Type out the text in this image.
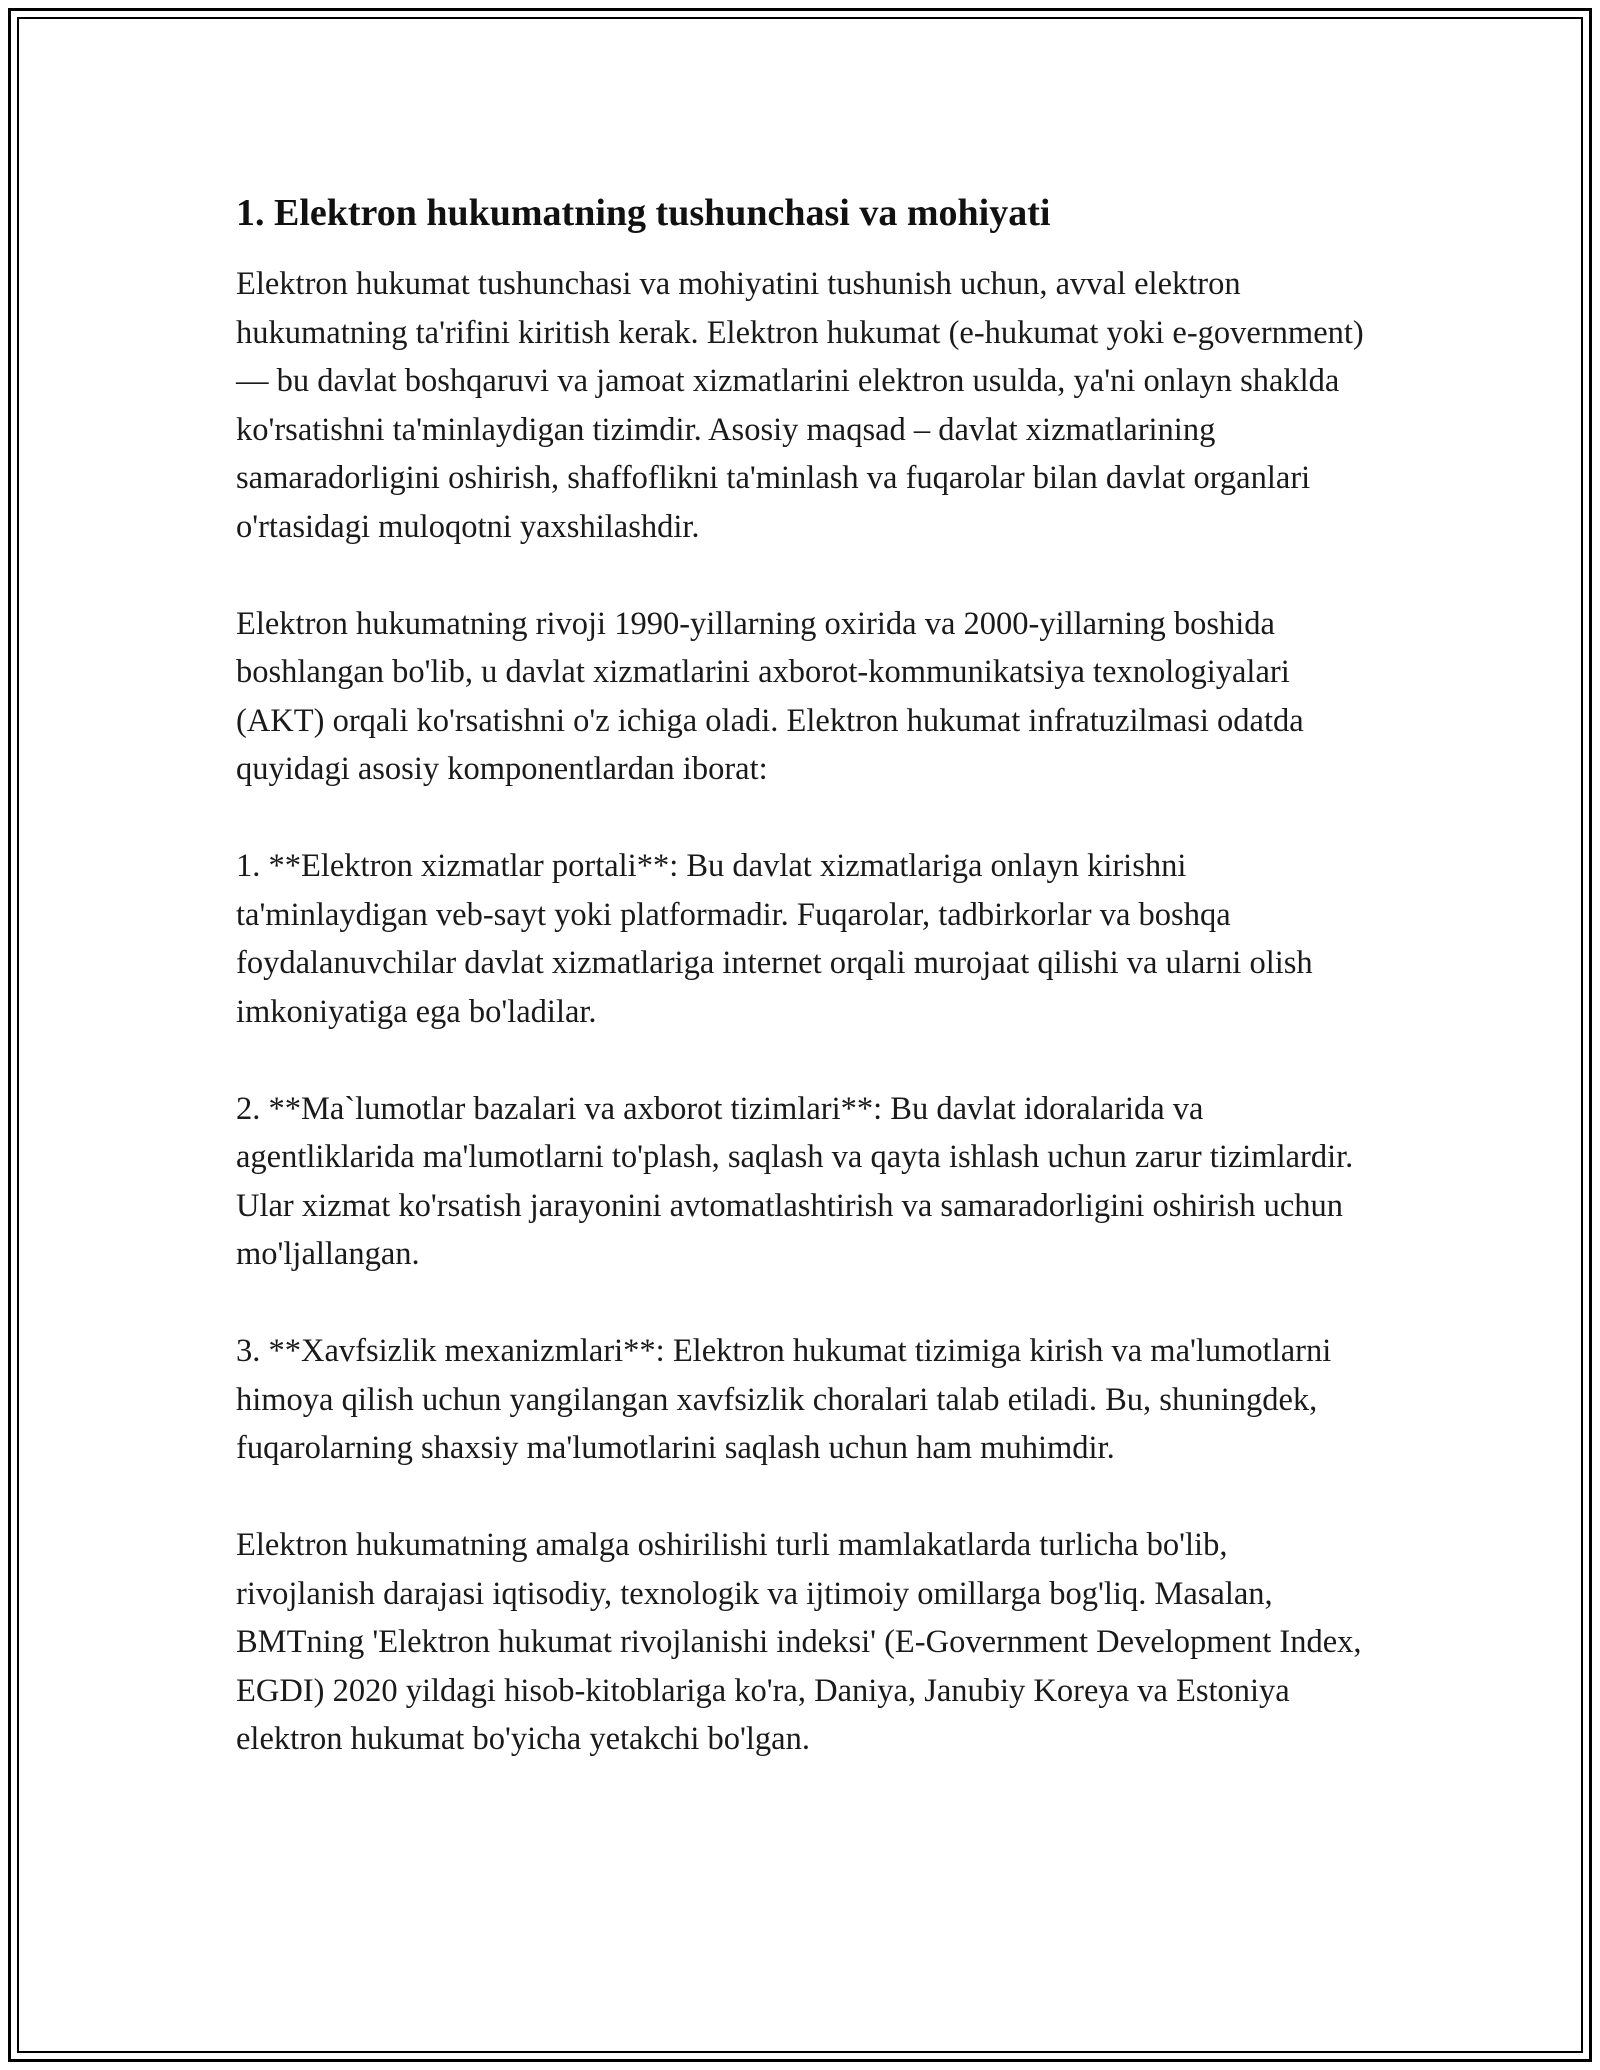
1. Elektron hukumatning tushunchasi va mohiyati

Elektron hukumat tushunchasi va mohiyatini tushunish uchun, avval elektron hukumatning ta'rifini kiritish kerak. Elektron hukumat (e-hukumat yoki e-government) — bu davlat boshqaruvi va jamoat xizmatlarini elektron usulda, ya'ni onlayn shaklda ko'rsatishni ta'minlaydigan tizimdir. Asosiy maqsad – davlat xizmatlarining samaradorligini oshirish, shaffoflikni ta'minlash va fuqarolar bilan davlat organlari o'rtasidagi muloqotni yaxshilashdir.

Elektron hukumatning rivoji 1990-yillarning oxirida va 2000-yillarning boshida boshlangan bo'lib, u davlat xizmatlarini axborot-kommunikatsiya texnologiyalari (AKT) orqali ko'rsatishni o'z ichiga oladi. Elektron hukumat infratuzilmasi odatda quyidagi asosiy komponentlardan iborat:

1. **Elektron xizmatlar portali**: Bu davlat xizmatlariga onlayn kirishni ta'minlaydigan veb-sayt yoki platformadir. Fuqarolar, tadbirkorlar va boshqa foydalanuvchilar davlat xizmatlariga internet orqali murojaat qilishi va ularni olish imkoniyatiga ega bo'ladilar.

2. **Ma`lumotlar bazalari va axborot tizimlari**: Bu davlat idoralarida va agentliklarida ma'lumotlarni to'plash, saqlash va qayta ishlash uchun zarur tizimlardir. Ular xizmat ko'rsatish jarayonini avtomatlashtirish va samaradorligini oshirish uchun mo'ljallangan.

3. **Xavfsizlik mexanizmlari**: Elektron hukumat tizimiga kirish va ma'lumotlarni himoya qilish uchun yangilangan xavfsizlik choralari talab etiladi. Bu, shuningdek, fuqarolarning shaxsiy ma'lumotlarini saqlash uchun ham muhimdir.

Elektron hukumatning amalga oshirilishi turli mamlakatlarda turlicha bo'lib, rivojlanish darajasi iqtisodiy, texnologik va ijtimoiy omillarga bog'liq. Masalan, BMTning 'Elektron hukumat rivojlanishi indeksi' (E-Government Development Index, EGDI) 2020 yildagi hisob-kitoblariga ko'ra, Daniya, Janubiy Koreya va Estoniya elektron hukumat bo'yicha yetakchi bo'lgan.
